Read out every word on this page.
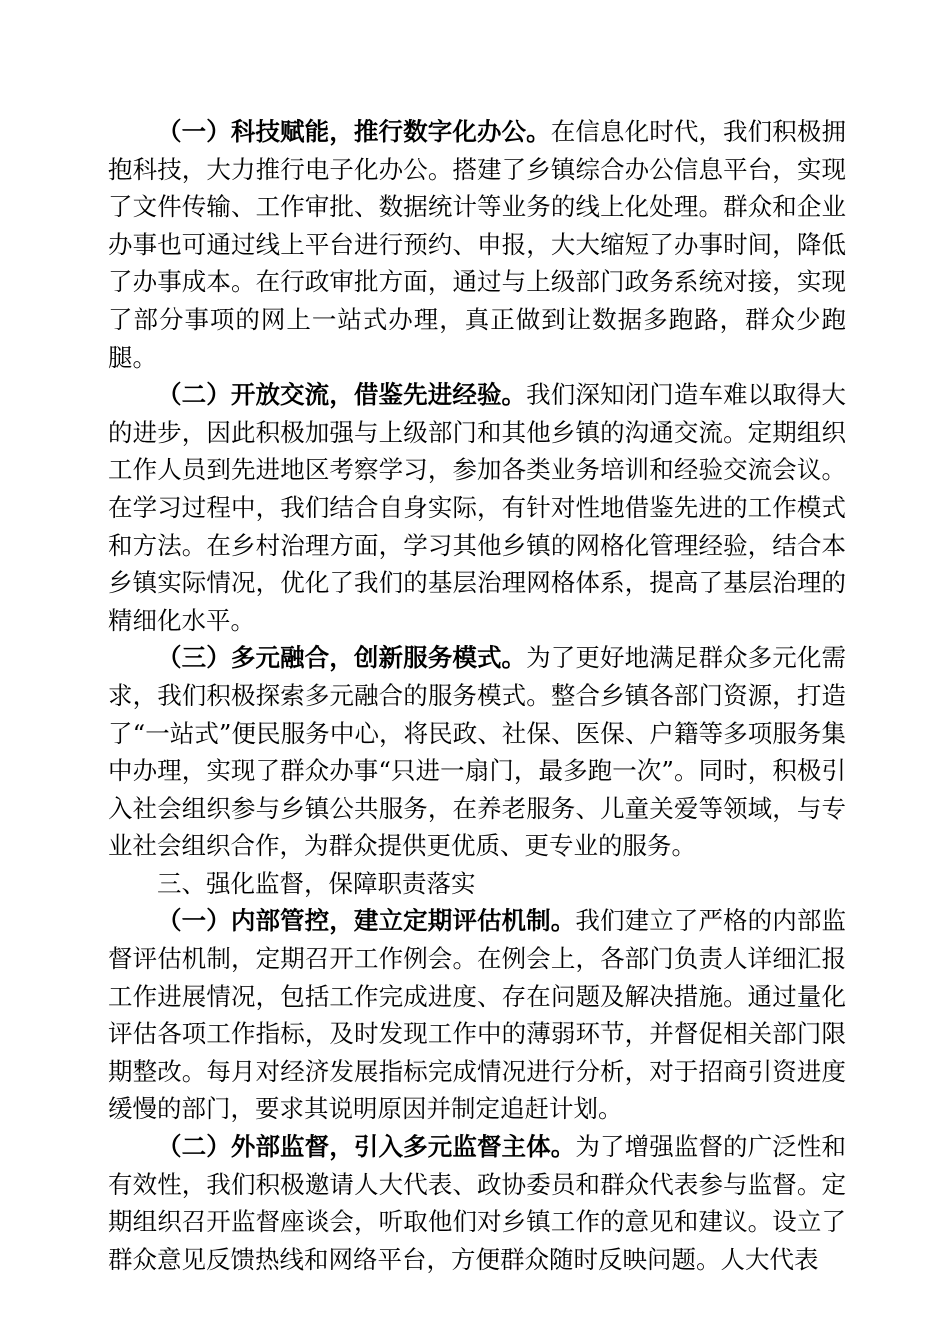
（一）科技赋能，推行数字化办公。在信息化时代，我们积极拥抱科技，大力推行电子化办公。搭建了乡镇综合办公信息平台，实现了文件传输、工作审批、数据统计等业务的线上化处理。群众和企业办事也可通过线上平台进行预约、申报，大大缩短了办事时间，降低了办事成本。在行政审批方面，通过与上级部门政务系统对接，实现了部分事项的网上一站式办理，真正做到让数据多跑路，群众少跑腿。

（二）开放交流，借鉴先进经验。我们深知闭门造车难以取得大的进步，因此积极加强与上级部门和其他乡镇的沟通交流。定期组织工作人员到先进地区考察学习，参加各类业务培训和经验交流会议。在学习过程中，我们结合自身实际，有针对性地借鉴先进的工作模式和方法。在乡村治理方面，学习其他乡镇的网格化管理经验，结合本乡镇实际情况，优化了我们的基层治理网格体系，提高了基层治理的精细化水平。

（三）多元融合，创新服务模式。为了更好地满足群众多元化需求，我们积极探索多元融合的服务模式。整合乡镇各部门资源，打造了“一站式”便民服务中心，将民政、社保、医保、户籍等多项服务集中办理，实现了群众办事“只进一扇门，最多跑一次”。同时，积极引入社会组织参与乡镇公共服务，在养老服务、儿童关爱等领域，与专业社会组织合作，为群众提供更优质、更专业的服务。

三、强化监督，保障职责落实

（一）内部管控，建立定期评估机制。我们建立了严格的内部监督评估机制，定期召开工作例会。在例会上，各部门负责人详细汇报工作进展情况，包括工作完成进度、存在问题及解决措施。通过量化评估各项工作指标，及时发现工作中的薄弱环节，并督促相关部门限期整改。每月对经济发展指标完成情况进行分析，对于招商引资进度缓慢的部门，要求其说明原因并制定追赶计划。

（二）外部监督，引入多元监督主体。为了增强监督的广泛性和有效性，我们积极邀请人大代表、政协委员和群众代表参与监督。定期组织召开监督座谈会，听取他们对乡镇工作的意见和建议。设立了群众意见反馈热线和网络平台，方便群众随时反映问题。人大代表
